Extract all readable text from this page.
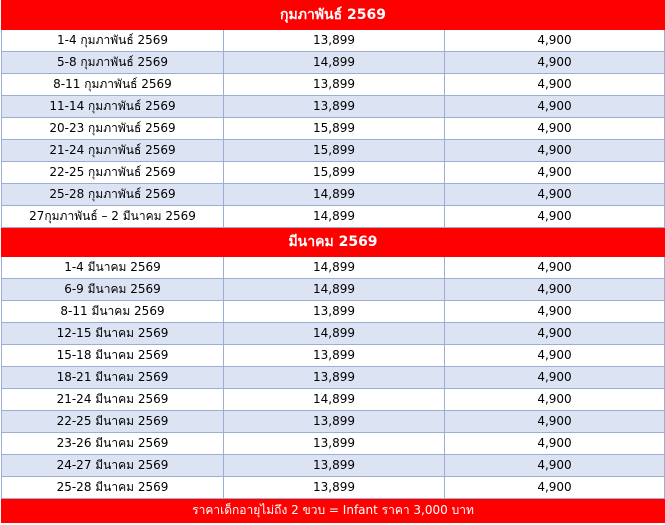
กุมภาพันธ์ 2569		
1-4 กุมภาพันธ์ 2569	13,899	4,900
5-8 กุมภาพันธ์ 2569	14,899	4,900
8-11 กุมภาพันธ์ 2569	13,899	4,900
11-14 กุมภาพันธ์ 2569	13,899	4,900
20-23 กุมภาพันธ์ 2569	15,899	4,900
21-24 กุมภาพันธ์ 2569	15,899	4,900
22-25 กุมภาพันธ์ 2569	15,899	4,900
25-28 กุมภาพันธ์ 2569	14,899	4,900
27กุมภาพันธ์ – 2 มีนาคม 2569	14,899	4,900
มีนาคม 2569		
1-4 มีนาคม 2569	14,899	4,900
6-9 มีนาคม 2569	14,899	4,900
8-11 มีนาคม 2569	13,899	4,900
12-15 มีนาคม 2569	14,899	4,900
15-18 มีนาคม 2569	13,899	4,900
18-21 มีนาคม 2569	13,899	4,900
21-24 มีนาคม 2569	14,899	4,900
22-25 มีนาคม 2569	13,899	4,900
23-26 มีนาคม 2569	13,899	4,900
24-27 มีนาคม 2569	13,899	4,900
25-28 มีนาคม 2569	13,899	4,900
ราคาเด็กอายุไม่ถึง 2 ขวบ = Infant ราคา 3,000 บาท		
